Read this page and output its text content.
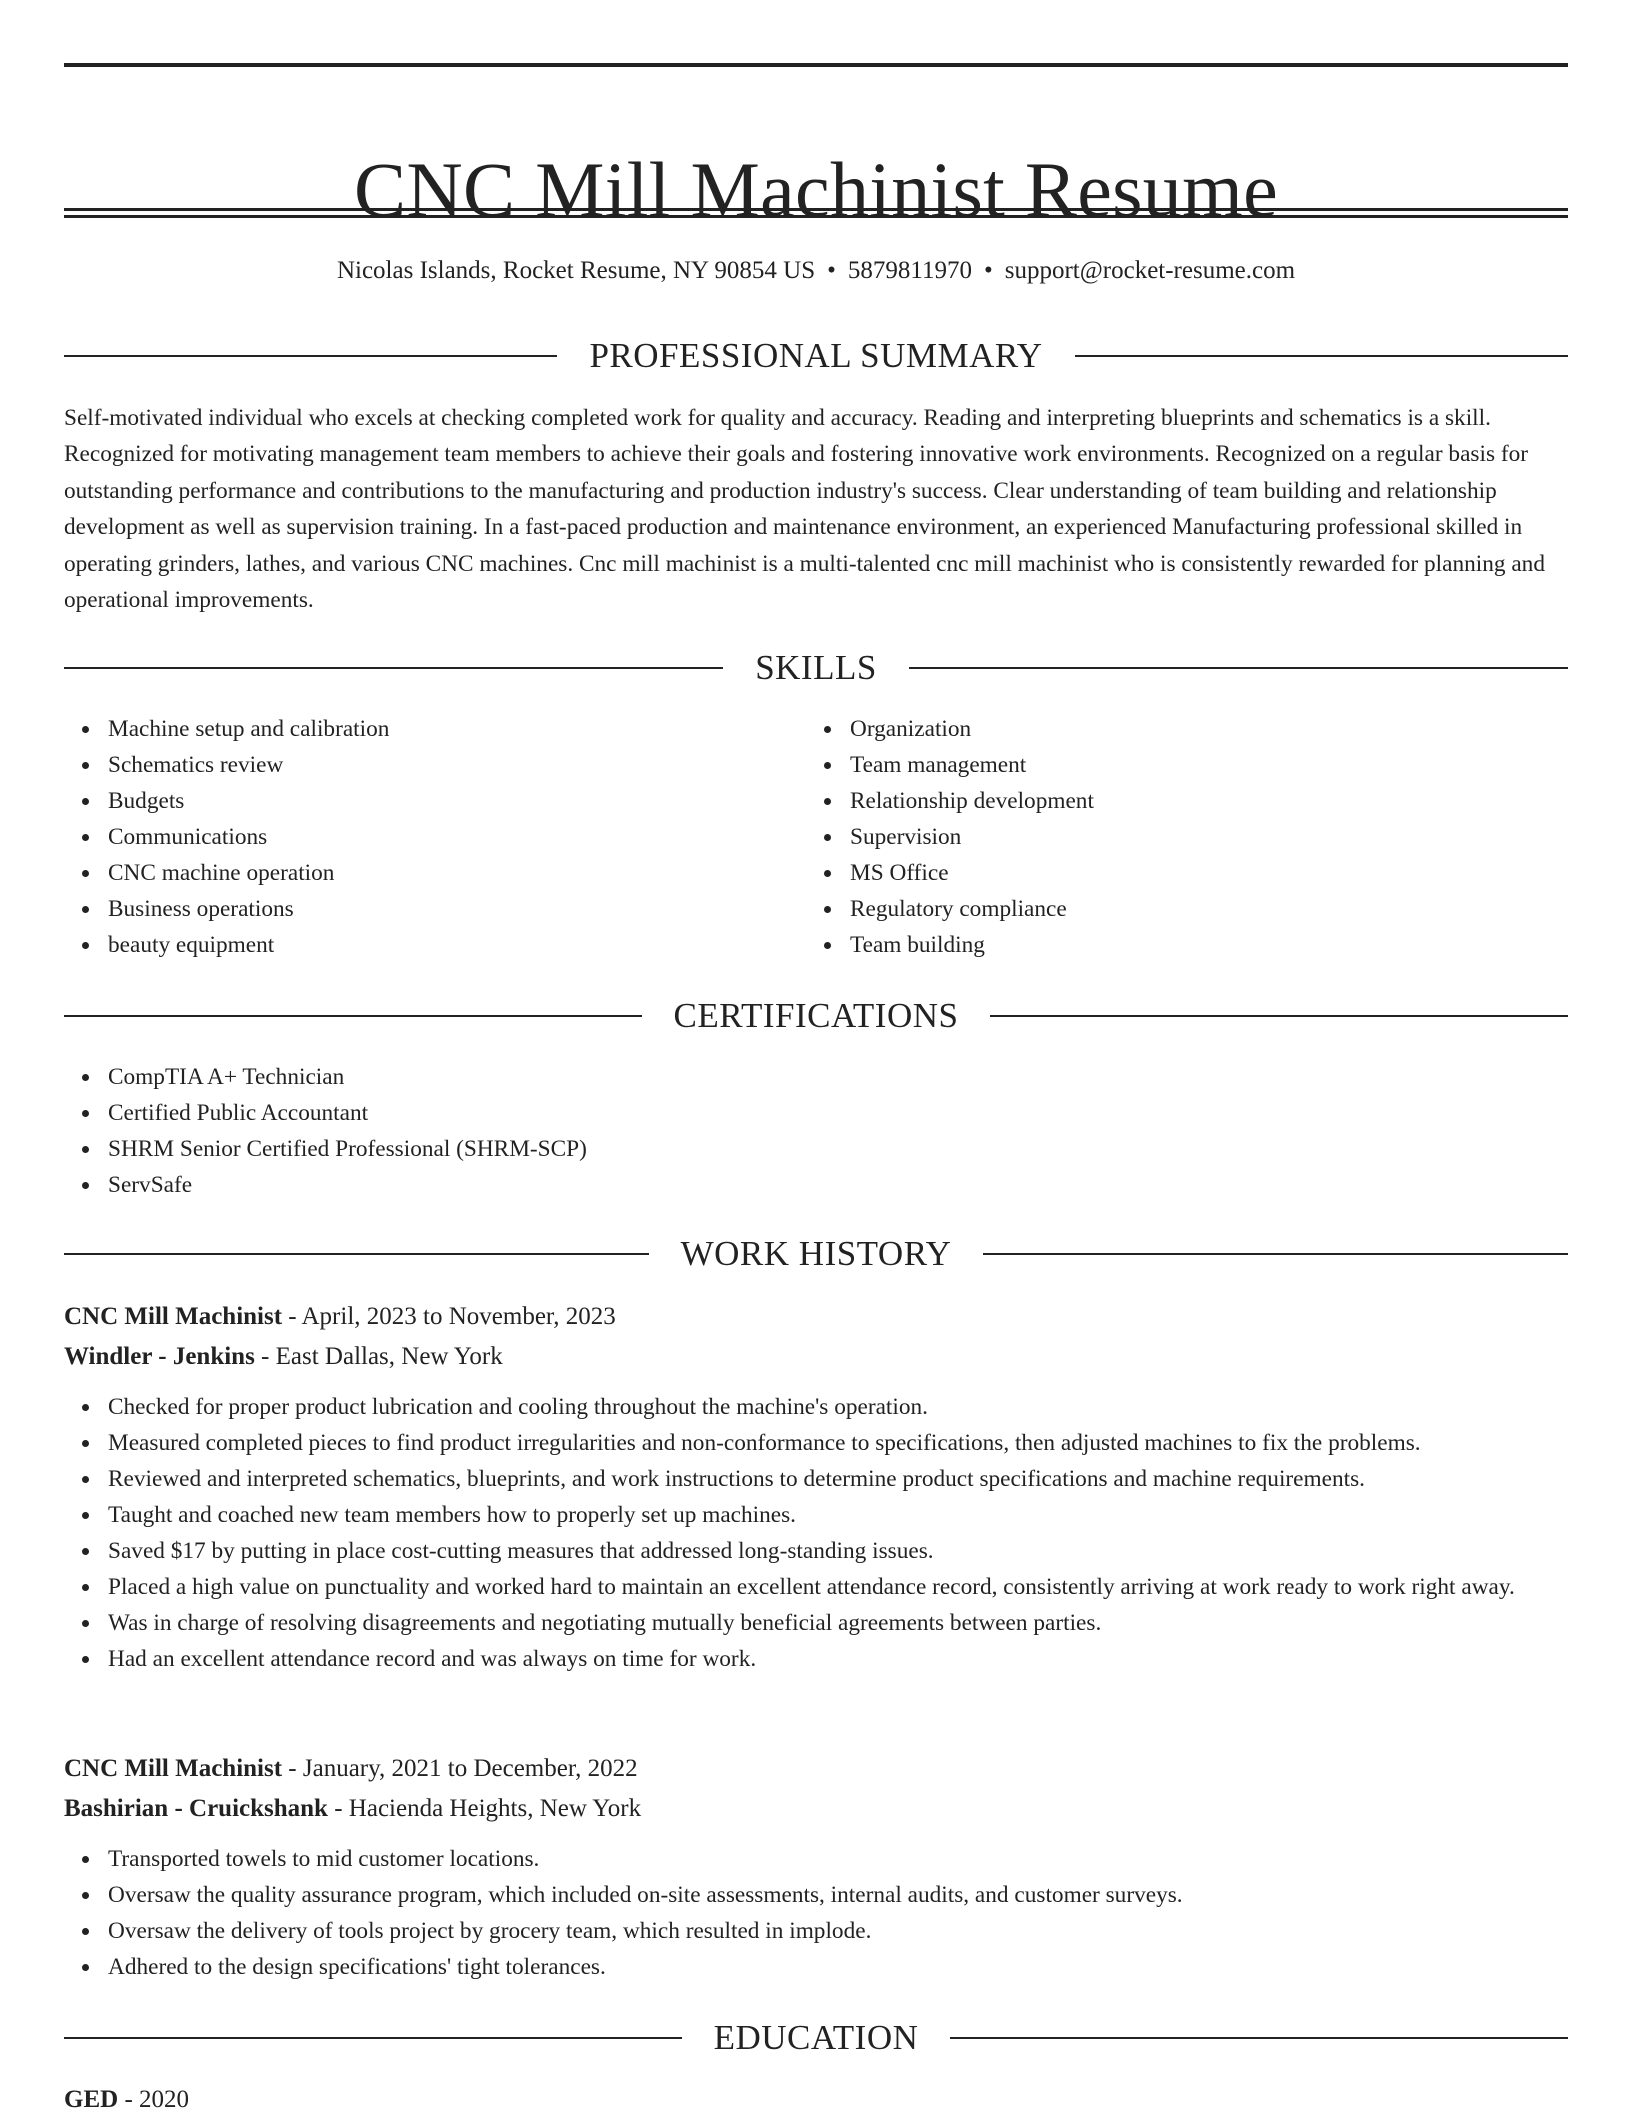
CNC Mill Machinist Resume
Nicolas Islands, Rocket Resume, NY 90854 US • 5879811970 • support@rocket-resume.com
PROFESSIONAL SUMMARY

Self-motivated individual who excels at checking completed work for quality and accuracy. Reading and interpreting blueprints and schematics is a skill. Recognized for motivating management team members to achieve their goals and fostering innovative work environments. Recognized on a regular basis for outstanding performance and contributions to the manufacturing and production industry's success. Clear understanding of team building and relationship development as well as supervision training. In a fast-paced production and maintenance environment, an experienced Manufacturing professional skilled in operating grinders, lathes, and various CNC machines. Cnc mill machinist is a multi-talented cnc mill machinist who is consistently rewarded for planning and operational improvements.

SKILLS
Machine setup and calibration
Schematics review
Budgets
Communications
CNC machine operation
Business operations
beauty equipment
Organization
Team management
Relationship development
Supervision
MS Office
Regulatory compliance
Team building
CERTIFICATIONS
CompTIA A+ Technician
Certified Public Accountant
SHRM Senior Certified Professional (SHRM-SCP)
ServSafe
WORK HISTORY
CNC Mill Machinist - April, 2023 to November, 2023
Windler - Jenkins - East Dallas, New York
Checked for proper product lubrication and cooling throughout the machine's operation.
Measured completed pieces to find product irregularities and non-conformance to specifications, then adjusted machines to fix the problems.
Reviewed and interpreted schematics, blueprints, and work instructions to determine product specifications and machine requirements.
Taught and coached new team members how to properly set up machines.
Saved $17 by putting in place cost-cutting measures that addressed long-standing issues.
Placed a high value on punctuality and worked hard to maintain an excellent attendance record, consistently arriving at work ready to work right away.
Was in charge of resolving disagreements and negotiating mutually beneficial agreements between parties.
Had an excellent attendance record and was always on time for work.
CNC Mill Machinist - January, 2021 to December, 2022
Bashirian - Cruickshank - Hacienda Heights, New York
Transported towels to mid customer locations.
Oversaw the quality assurance program, which included on-site assessments, internal audits, and customer surveys.
Oversaw the delivery of tools project by grocery team, which resulted in implode.
Adhered to the design specifications' tight tolerances.
EDUCATION
GED - 2020
